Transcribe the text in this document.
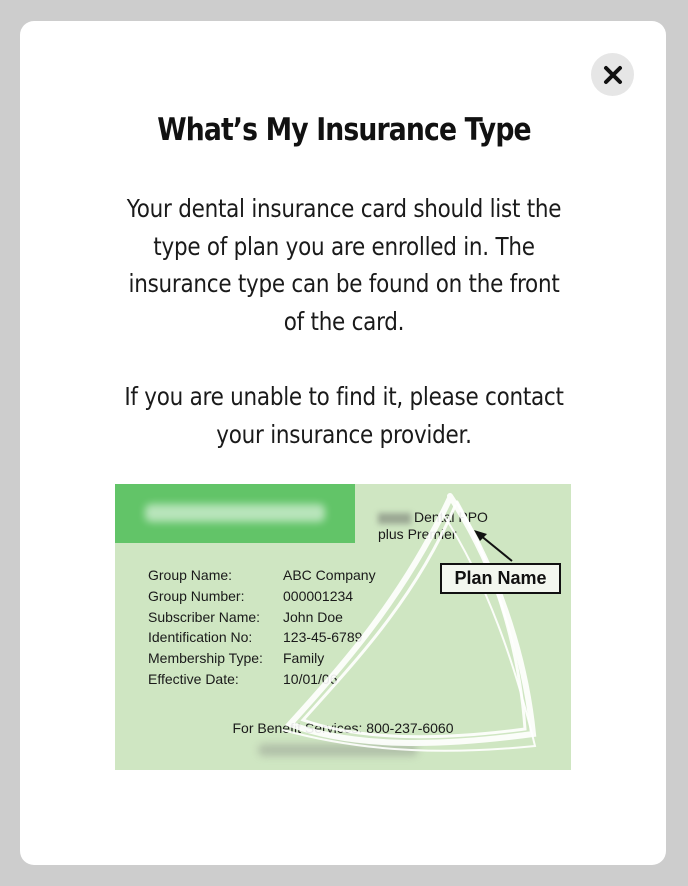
What’s My Insurance Type

Your dental insurance card should list the type of plan you are enrolled in. The insurance type can be found on the front of the card.

If you are unable to find it, please contact your insurance provider.

Dental PPO
plus Premier
Group Name:	ABC Company
Group Number:	000001234
Subscriber Name:	John Doe
Identification No:	123-45-6789
Membership Type:	Family
Effective Date:	10/01/06
For Benefit Services: 800-237-6060
Plan Name
